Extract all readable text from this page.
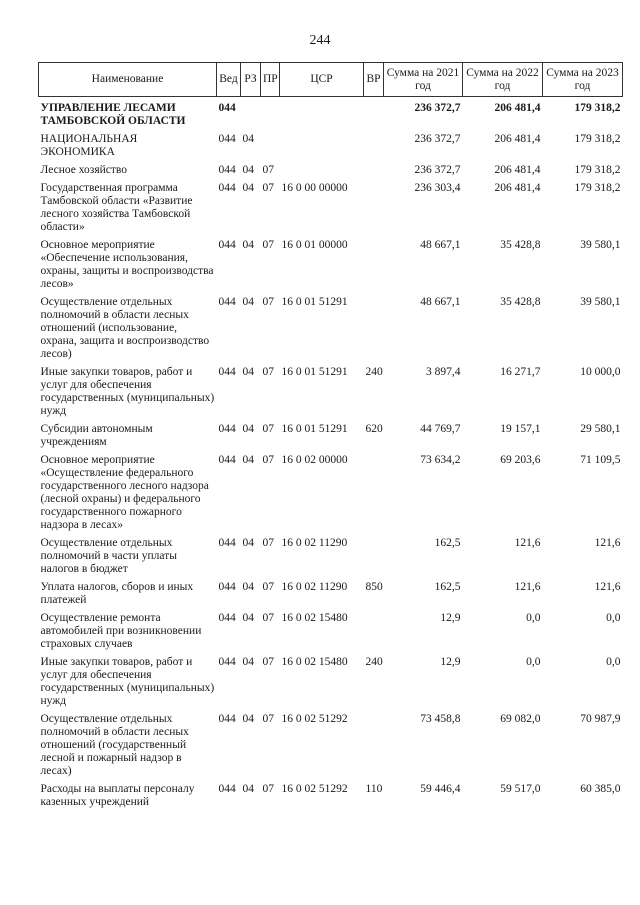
244
Наименование	Вед	РЗ	ПР	ЦСР	ВР	Сумма на 2021 год	Сумма на 2022 год	Сумма на 2023 год
УПРАВЛЕНИЕ ЛЕСАМИ ТАМБОВСКОЙ ОБЛАСТИ	044					236 372,7	206 481,4	179 318,2
НАЦИОНАЛЬНАЯ ЭКОНОМИКА	044	04				236 372,7	206 481,4	179 318,2
Лесное хозяйство	044	04	07			236 372,7	206 481,4	179 318,2
Государственная программа Тамбовской области «Развитие лесного хозяйства Тамбовской области»	044	04	07	16 0 00 00000		236 303,4	206 481,4	179 318,2
Основное мероприятие «Обеспечение использования, охраны, защиты и воспроизводства лесов»	044	04	07	16 0 01 00000		48 667,1	35 428,8	39 580,1
Осуществление отдельных полномочий в области лесных отношений (использование, охрана, защита и воспроизводство лесов)	044	04	07	16 0 01 51291		48 667,1	35 428,8	39 580,1
Иные закупки товаров, работ и услуг для обеспечения государственных (муниципальных) нужд	044	04	07	16 0 01 51291	240	3 897,4	16 271,7	10 000,0
Субсидии автономным учреждениям	044	04	07	16 0 01 51291	620	44 769,7	19 157,1	29 580,1
Основное мероприятие «Осуществление федерального государственного лесного надзора (лесной охраны) и федерального государственного пожарного надзора в лесах»	044	04	07	16 0 02 00000		73 634,2	69 203,6	71 109,5
Осуществление отдельных полномочий в части уплаты налогов в бюджет	044	04	07	16 0 02 11290		162,5	121,6	121,6
Уплата налогов, сборов и иных платежей	044	04	07	16 0 02 11290	850	162,5	121,6	121,6
Осуществление ремонта автомобилей при возникновении страховых случаев	044	04	07	16 0 02 15480		12,9	0,0	0,0
Иные закупки товаров, работ и услуг для обеспечения государственных (муниципальных) нужд	044	04	07	16 0 02 15480	240	12,9	0,0	0,0
Осуществление отдельных полномочий в области лесных отношений (государственный лесной и пожарный надзор в лесах)	044	04	07	16 0 02 51292		73 458,8	69 082,0	70 987,9
Расходы на выплаты персоналу казенных учреждений	044	04	07	16 0 02 51292	110	59 446,4	59 517,0	60 385,0
